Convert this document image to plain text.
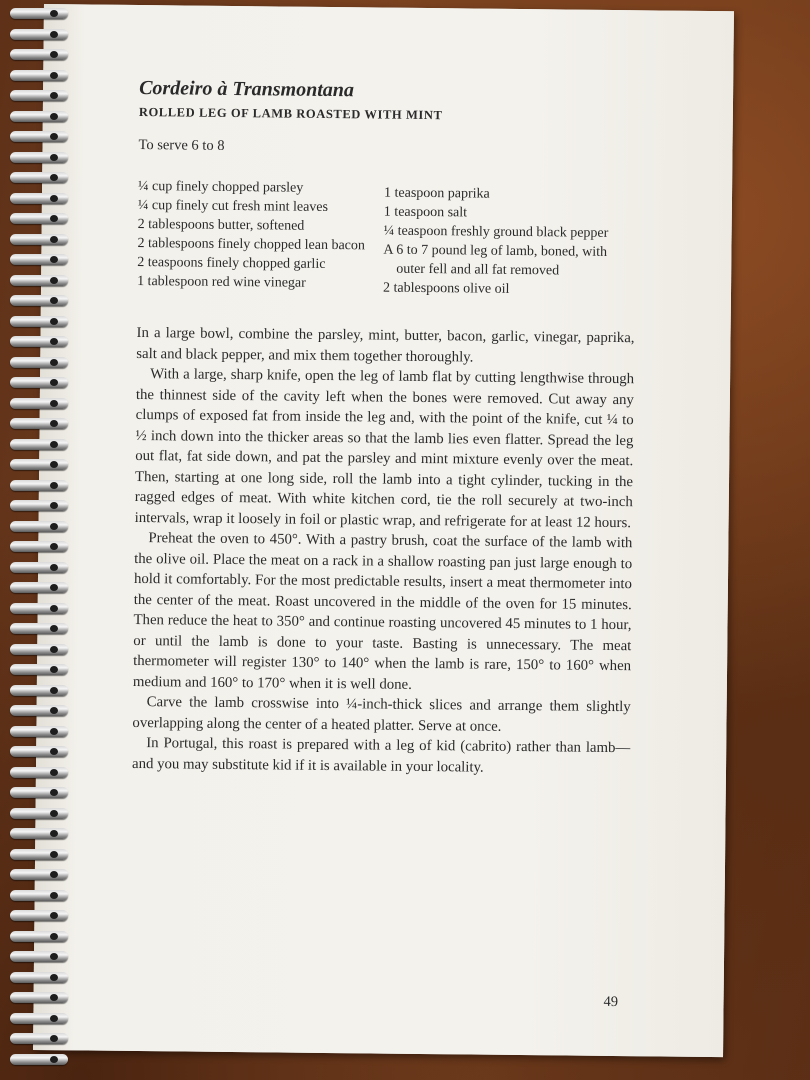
Cordeiro à Transmontana
ROLLED LEG OF LAMB ROASTED WITH MINT

To serve 6 to 8

¼ cup finely chopped parsley
¼ cup finely cut fresh mint leaves
2 tablespoons butter, softened
2 tablespoons finely chopped lean bacon
2 teaspoons finely chopped garlic
1 tablespoon red wine vinegar
1 teaspoon paprika
1 teaspoon salt
¼ teaspoon freshly ground black pepper
A 6 to 7 pound leg of lamb, boned, with outer fell and all fat removed
2 tablespoons olive oil

In a large bowl, combine the parsley, mint, butter, bacon, garlic, vinegar, paprika, salt and black pepper, and mix them together thoroughly.

With a large, sharp knife, open the leg of lamb flat by cutting lengthwise through the thinnest side of the cavity left when the bones were removed. Cut away any clumps of exposed fat from inside the leg and, with the point of the knife, cut ¼ to ½ inch down into the thicker areas so that the lamb lies even flatter. Spread the leg out flat, fat side down, and pat the parsley and mint mixture evenly over the meat. Then, starting at one long side, roll the lamb into a tight cylinder, tucking in the ragged edges of meat. With white kitchen cord, tie the roll securely at two-inch intervals, wrap it loosely in foil or plastic wrap, and refrigerate for at least 12 hours.

Preheat the oven to 450°. With a pastry brush, coat the surface of the lamb with the olive oil. Place the meat on a rack in a shallow roasting pan just large enough to hold it comfortably. For the most predictable results, insert a meat thermometer into the center of the meat. Roast uncovered in the middle of the oven for 15 minutes. Then reduce the heat to 350° and continue roasting uncovered 45 minutes to 1 hour, or until the lamb is done to your taste. Basting is unnecessary. The meat thermometer will register 130° to 140° when the lamb is rare, 150° to 160° when medium and 160° to 170° when it is well done.

Carve the lamb crosswise into ¼-inch-thick slices and arrange them slightly overlapping along the center of a heated platter. Serve at once.

In Portugal, this roast is prepared with a leg of kid (cabrito) rather than lamb—and you may substitute kid if it is available in your locality.

49
